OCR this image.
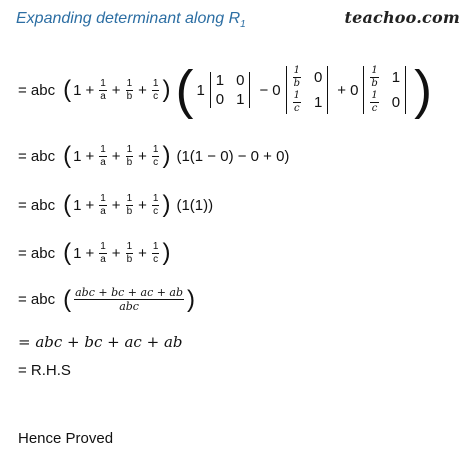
Expanding determinant along $R_1$	teachoo.com
= abc ( $1 + \frac{1}{a} + \frac{1}{b} + \frac{1}{c}$ ) ( 1
1 0
0 1
− 0
$\frac{1}{b} 0$
$\frac{1}{c} 1$
+ 0
$\frac{1}{b} 1$
$\frac{1}{c} 0$ )
= abc ( $1 + \frac{1}{a} + \frac{1}{b} + \frac{1}{c}$ ) (1(1 − 0) − 0 + 0)
= abc ( $1 + \frac{1}{a} + \frac{1}{b} + \frac{1}{c}$ ) (1(1))
= abc ( $1 + \frac{1}{a} + \frac{1}{b} + \frac{1}{c}$ )
= abc ( $\frac{\text{abc + bc + ac + ab}}{\text{abc}}$ )
= abc + bc + ac + ab
= R.H.S
Hence Proved
